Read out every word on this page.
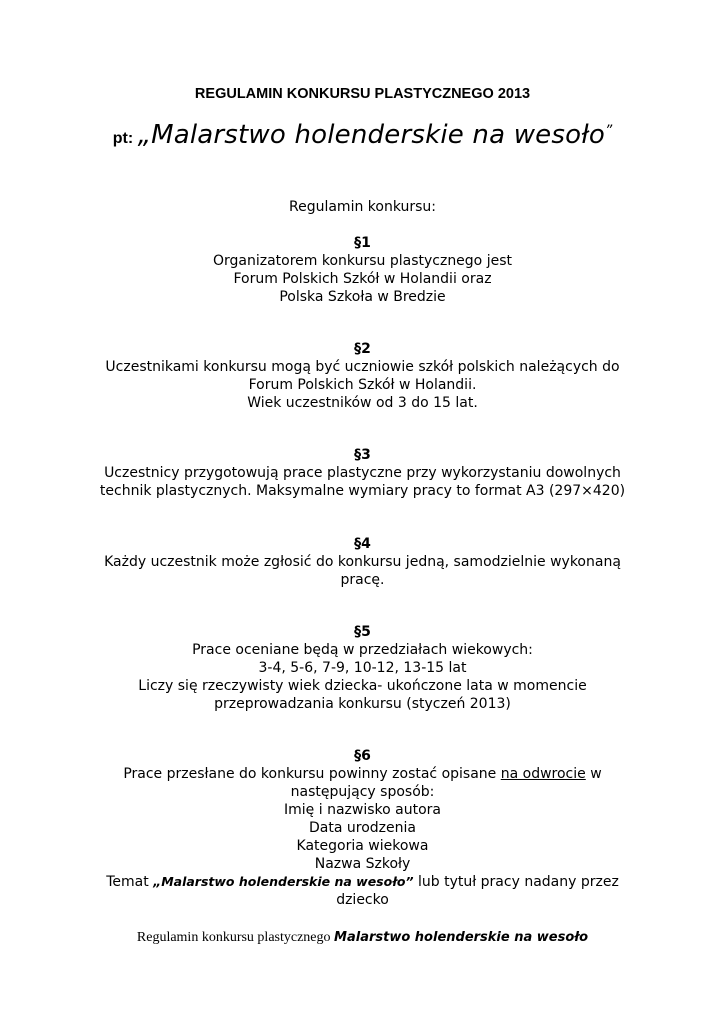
REGULAMIN KONKURSU PLASTYCZNEGO 2013
pt: „Malarstwo holenderskie na wesoło”
Regulamin konkursu:
§1
Organizatorem konkursu plastycznego jest
Forum Polskich Szkół w Holandii oraz
Polska Szkoła w Bredzie
§2
Uczestnikami konkursu mogą być uczniowie szkół polskich należących do
Forum Polskich Szkół w Holandii.
Wiek uczestników od 3 do 15 lat.
§3
Uczestnicy przygotowują prace plastyczne przy wykorzystaniu dowolnych
technik plastycznych. Maksymalne wymiary pracy to format A3 (297×420)
§4
Każdy uczestnik może zgłosić do konkursu jedną, samodzielnie wykonaną
pracę.
§5
Prace oceniane będą w przedziałach wiekowych:
3-4, 5-6, 7-9, 10-12, 13-15 lat
Liczy się rzeczywisty wiek dziecka- ukończone lata w momencie
przeprowadzania konkursu (styczeń 2013)
§6
Prace przesłane do konkursu powinny zostać opisane na odwrocie w
następujący sposób:
Imię i nazwisko autora
Data urodzenia
Kategoria wiekowa
Nazwa Szkoły
Temat „Malarstwo holenderskie na wesoło” lub tytuł pracy nadany przez
dziecko
Regulamin konkursu plastycznego Malarstwo holenderskie na wesoło
